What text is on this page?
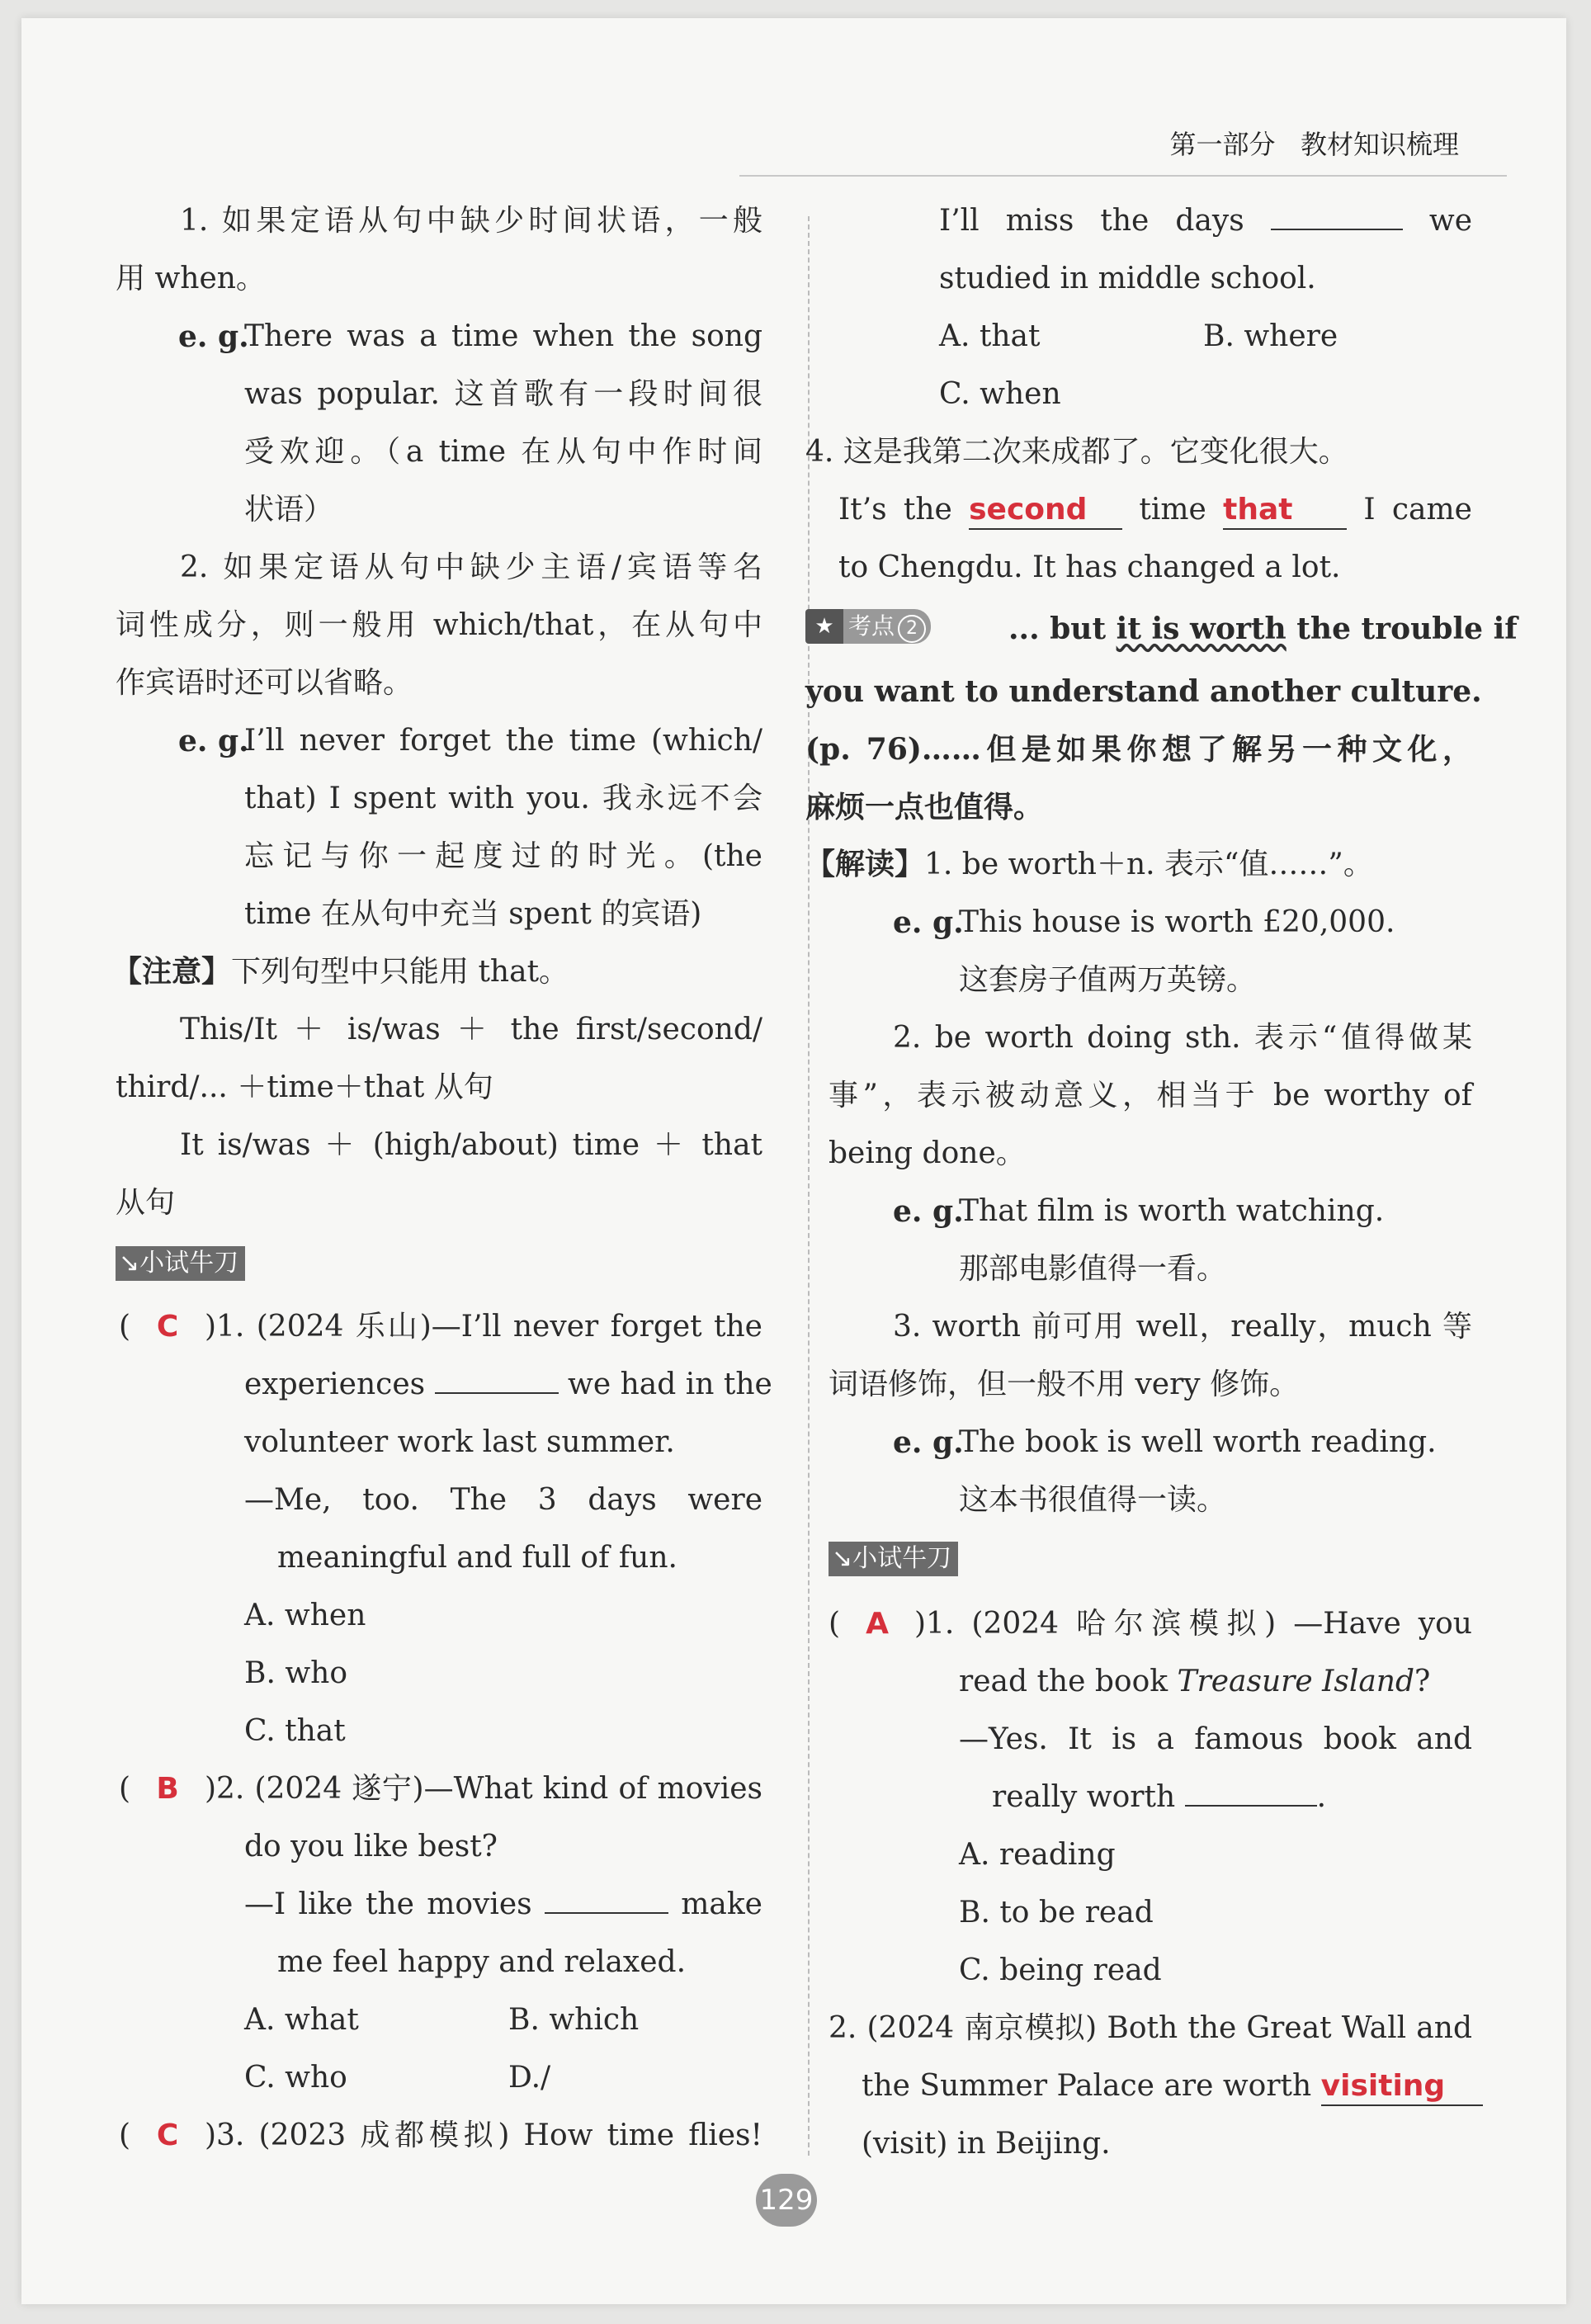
第一部分 教材知识梳理
1. 如果定语从句中缺少时间状语，一般
用 when。
e. g.
There was a time when the song
was popular. 这首歌有一段时间很
受欢迎。（a time 在从句中作时间
状语）
2. 如果定语从句中缺少主语/宾语等名
词性成分，则一般用 which/that，在从句中
作宾语时还可以省略。
e. g.
I’ll never forget the time (which/
that) I spent with you. 我永远不会
忘记与你一起度过的时光。(the
time 在从句中充当 spent 的宾语)
【注意】下列句型中只能用 that。
This/It ＋ is/was ＋ the first/second/
third/... ＋time＋that 从句
It is/was ＋ (high/about) time ＋ that
从句
↘小试牛刀
( C ) 1. (2024 乐山)—I’ll never forget the
experiences	we had in the
volunteer work last summer.
—Me, too. The 3 days were
meaningful and full of fun.
A. when
B. who
C. that
( B ) 2. (2024 遂宁)—What kind of movies
do you like best?
—I like the movies	make
me feel happy and relaxed.
A. what	B. which
C. who	D./
( C ) 3. (2023 成都模拟) How time flies!
I’ll miss the days	we
studied in middle school.
A. that	B. where
C. when
4. 这是我第二次来成都了。它变化很大。
It’s the second time that I came
to Chengdu. It has changed a lot.
★ 考点 2	... but it is worth the trouble if
you want to understand another culture.
(p. 76)……但是如果你想了解另一种文化，
麻烦一点也值得。
【解读】1. be worth＋n. 表示“值……”。
e. g.
This house is worth £20,000.
这套房子值两万英镑。
2. be worth doing sth. 表示“值得做某
事”，表示被动意义，相当于 be worthy of
being done。
e. g.
That film is worth watching.
那部电影值得一看。
3. worth 前可用 well，really，much 等
词语修饰，但一般不用 very 修饰。
e. g.
The book is well worth reading.
这本书很值得一读。
↘小试牛刀
( A ) 1. (2024 哈尔滨模拟) —Have you
read the book Treasure Island?
—Yes. It is a famous book and
really worth	.
A. reading
B. to be read
C. being read
2. (2024 南京模拟) Both the Great Wall and
the Summer Palace are worth visiting
(visit) in Beijing.
129
